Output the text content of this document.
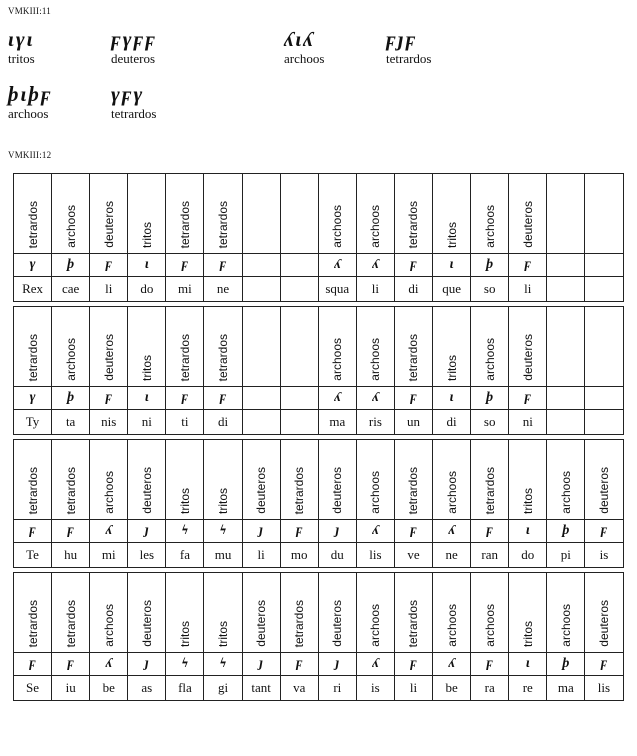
VMKIII:11
ιγι
tritos
ϝγϝϝ
deuteros
ʎιʎ
archoos
ϝȷϝ
tetrardos
ϸιϸϝ
archoos
γϝγ
tetrardos
VMKIII:12
tetrardos	archoos	deuteros	tritos	tetrardos	tetrardos			archoos	archoos	tetrardos	tritos	archoos	deuteros		
γ	ϸ	ϝ	ι	ϝ	ϝ			ʎ	ʎ	ϝ	ι	ϸ	ϝ		
Rex	cae	li	do	mi	ne			squa	li	di	que	so	li		

tetrardos	archoos	deuteros	tritos	tetrardos	tetrardos			archoos	archoos	tetrardos	tritos	archoos	deuteros		
γ	ϸ	ϝ	ι	ϝ	ϝ			ʎ	ʎ	ϝ	ι	ϸ	ϝ		
Ty	ta	nis	ni	ti	di			ma	ris	un	di	so	ni		

tetrardos	tetrardos	archoos	deuteros	tritos	tritos	deuteros	tetrardos	deuteros	archoos	tetrardos	archoos	tetrardos	tritos	archoos	deuteros
ϝ	ϝ	ʎ	ȷ	ϟ	ϟ	ȷ	ϝ	ȷ	ʎ	ϝ	ʎ	ϝ	ι	ϸ	ϝ
Te	hu	mi	les	fa	mu	li	mo	du	lis	ve	ne	ran	do	pi	is

tetrardos	tetrardos	archoos	deuteros	tritos	tritos	deuteros	tetrardos	deuteros	archoos	tetrardos	archoos	archoos	tritos	archoos	deuteros
ϝ	ϝ	ʎ	ȷ	ϟ	ϟ	ȷ	ϝ	ȷ	ʎ	ϝ	ʎ	ϝ	ι	ϸ	ϝ
Se	iu	be	as	fla	gi	tant	va	ri	is	li	be	ra	re	ma	lis
